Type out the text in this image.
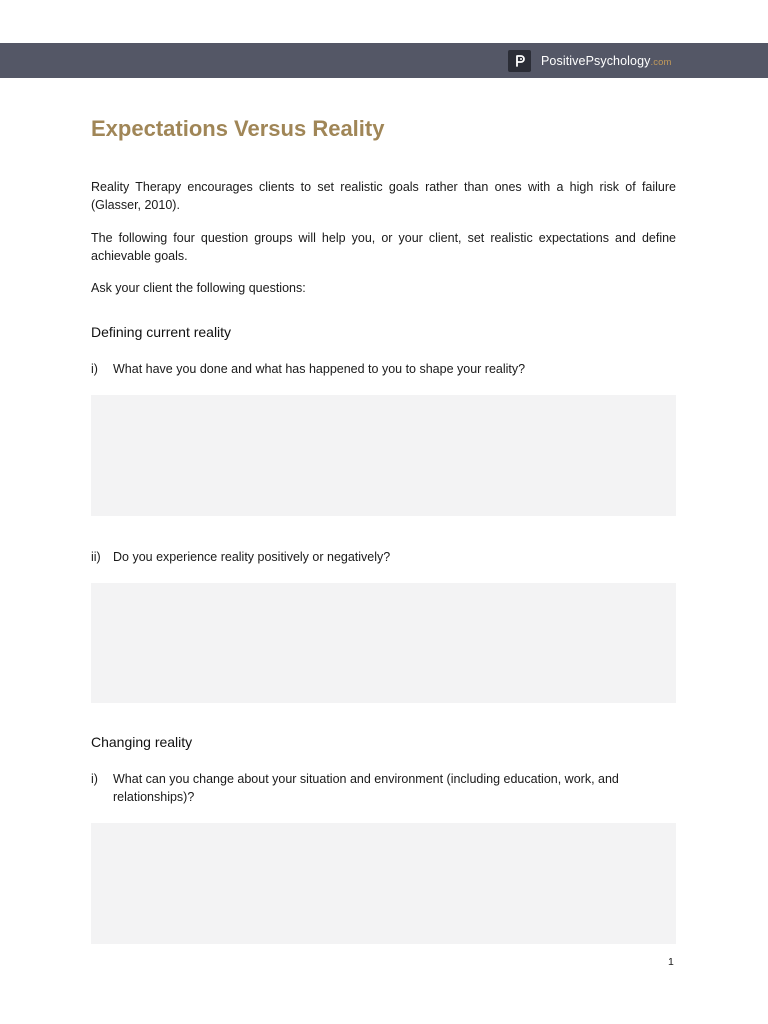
PositivePsychology.com
Expectations Versus Reality

Reality Therapy encourages clients to set realistic goals rather than ones with a high risk of failure (Glasser, 2010).

The following four question groups will help you, or your client, set realistic expectations and define achievable goals.

Ask your client the following questions:

Defining current reality
i) What have you done and what has happened to you to shape your reality?
ii) Do you experience reality positively or negatively?
Changing reality
i) What can you change about your situation and environment (including education, work, and relationships)?
1
